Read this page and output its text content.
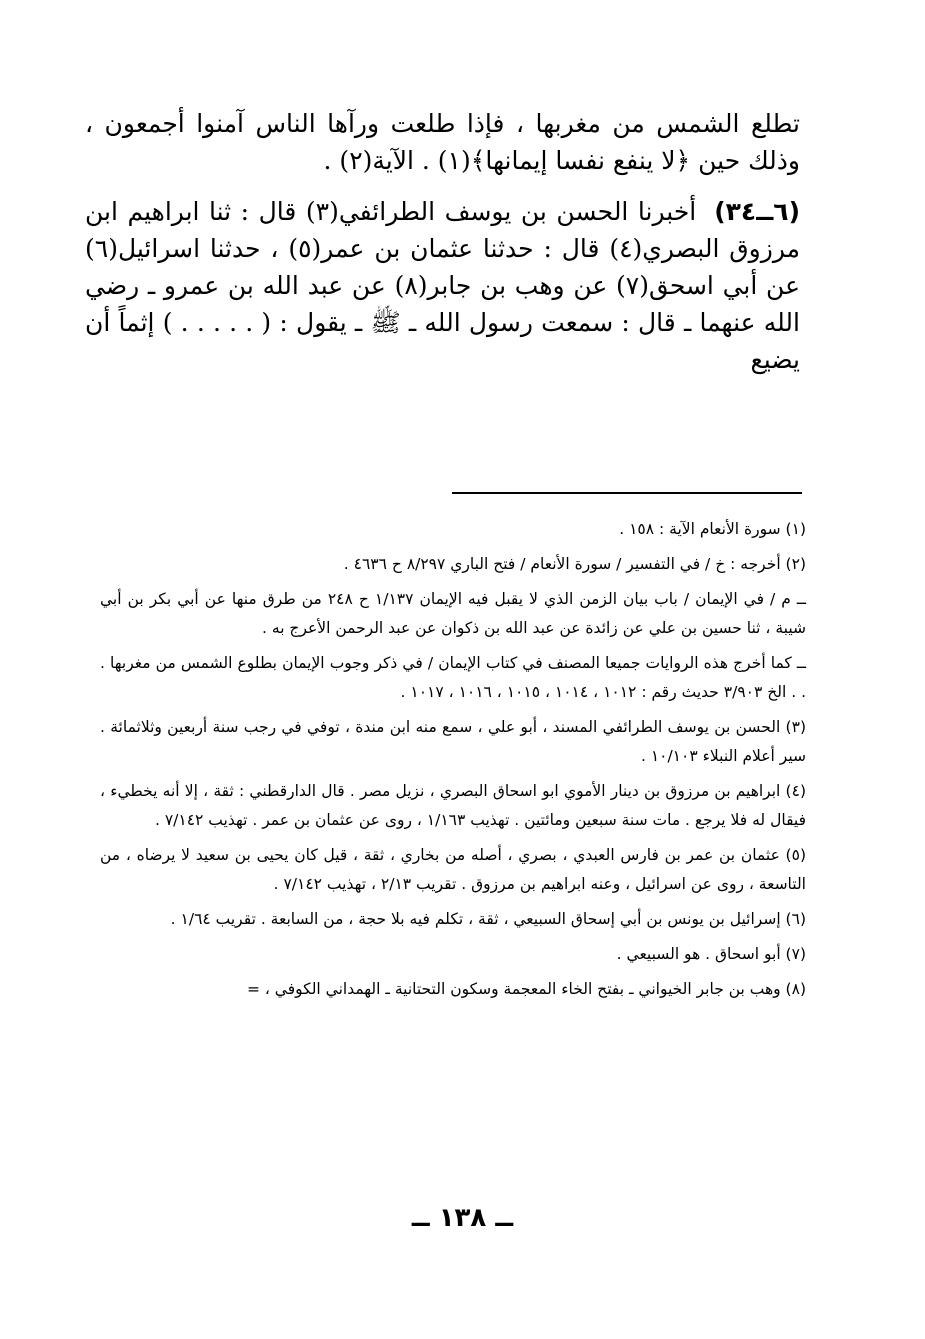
تطلع الشمس من مغربها ، فإذا طلعت ورآها الناس آمنوا أجمعون ، وذلك حين ﴿لا ينفع نفسا إيمانها﴾(١) . الآية(٢) .

(٦ــ٣٤)أخبرنا الحسن بن يوسف الطرائفي(٣) قال : ثنا ابراهيم ابن مرزوق البصري(٤) قال : حدثنا عثمان بن عمر(٥) ، حدثنا اسرائيل(٦) عن أبي اسحق(٧) عن وهب بن جابر(٨) عن عبد الله بن عمرو ـ رضي الله عنهما ـ قال : سمعت رسول الله ـ ﷺ ـ يقول : ( . . . . . ) إثماً أن يضيع

(١) سورة الأنعام الآية : ١٥٨ .

(٢) أخرجه : خ / في التفسير / سورة الأنعام / فتح الباري ٨/٢٩٧ ح ٤٦٣٦ .

ــ م / في الإيمان / باب بيان الزمن الذي لا يقبل فيه الإيمان ١/١٣٧ ح ٢٤٨ من طرق منها عن أبي بكر بن أبي شيبة ، ثنا حسين بن علي عن زائدة عن عبد الله بن ذكوان عن عبد الرحمن الأعرج به .

ــ كما أخرج هذه الروايات جميعا المصنف في كتاب الإيمان / في ذكر وجوب الإيمان بطلوع الشمس من مغربها . . . الخ ٣/٩٠٣ حديث رقم : ١٠١٢ ، ١٠١٤ ، ١٠١٥ ، ١٠١٦ ، ١٠١٧ .

(٣) الحسن بن يوسف الطرائفي المسند ، أبو علي ، سمع منه ابن مندة ، توفي في رجب سنة أربعين وثلاثمائة . سير أعلام النبلاء ١٠/١٠٣ .

(٤) ابراهيم بن مرزوق بن دينار الأموي ابو اسحاق البصري ، نزيل مصر . قال الدارقطني : ثقة ، إلا أنه يخطيء ، فيقال له فلا يرجع . مات سنة سبعين ومائتين . تهذيب ١/١٦٣ ، روى عن عثمان بن عمر . تهذيب ٧/١٤٢ .

(٥) عثمان بن عمر بن فارس العبدي ، بصري ، أصله من بخاري ، ثقة ، قيل كان يحيى بن سعيد لا يرضاه ، من التاسعة ، روى عن اسرائيل ، وعنه ابراهيم بن مرزوق . تقريب ٢/١٣ ، تهذيب ٧/١٤٢ .

(٦) إسرائيل بن يونس بن أبي إسحاق السبيعي ، ثقة ، تكلم فيه بلا حجة ، من السابعة . تقريب ١/٦٤ .

(٧) أبو اسحاق . هو السبيعي .

(٨) وهب بن جابر الخيواني ـ بفتح الخاء المعجمة وسكون التحتانية ـ الهمداني الكوفي ، =

ــ ١٣٨ ــ
